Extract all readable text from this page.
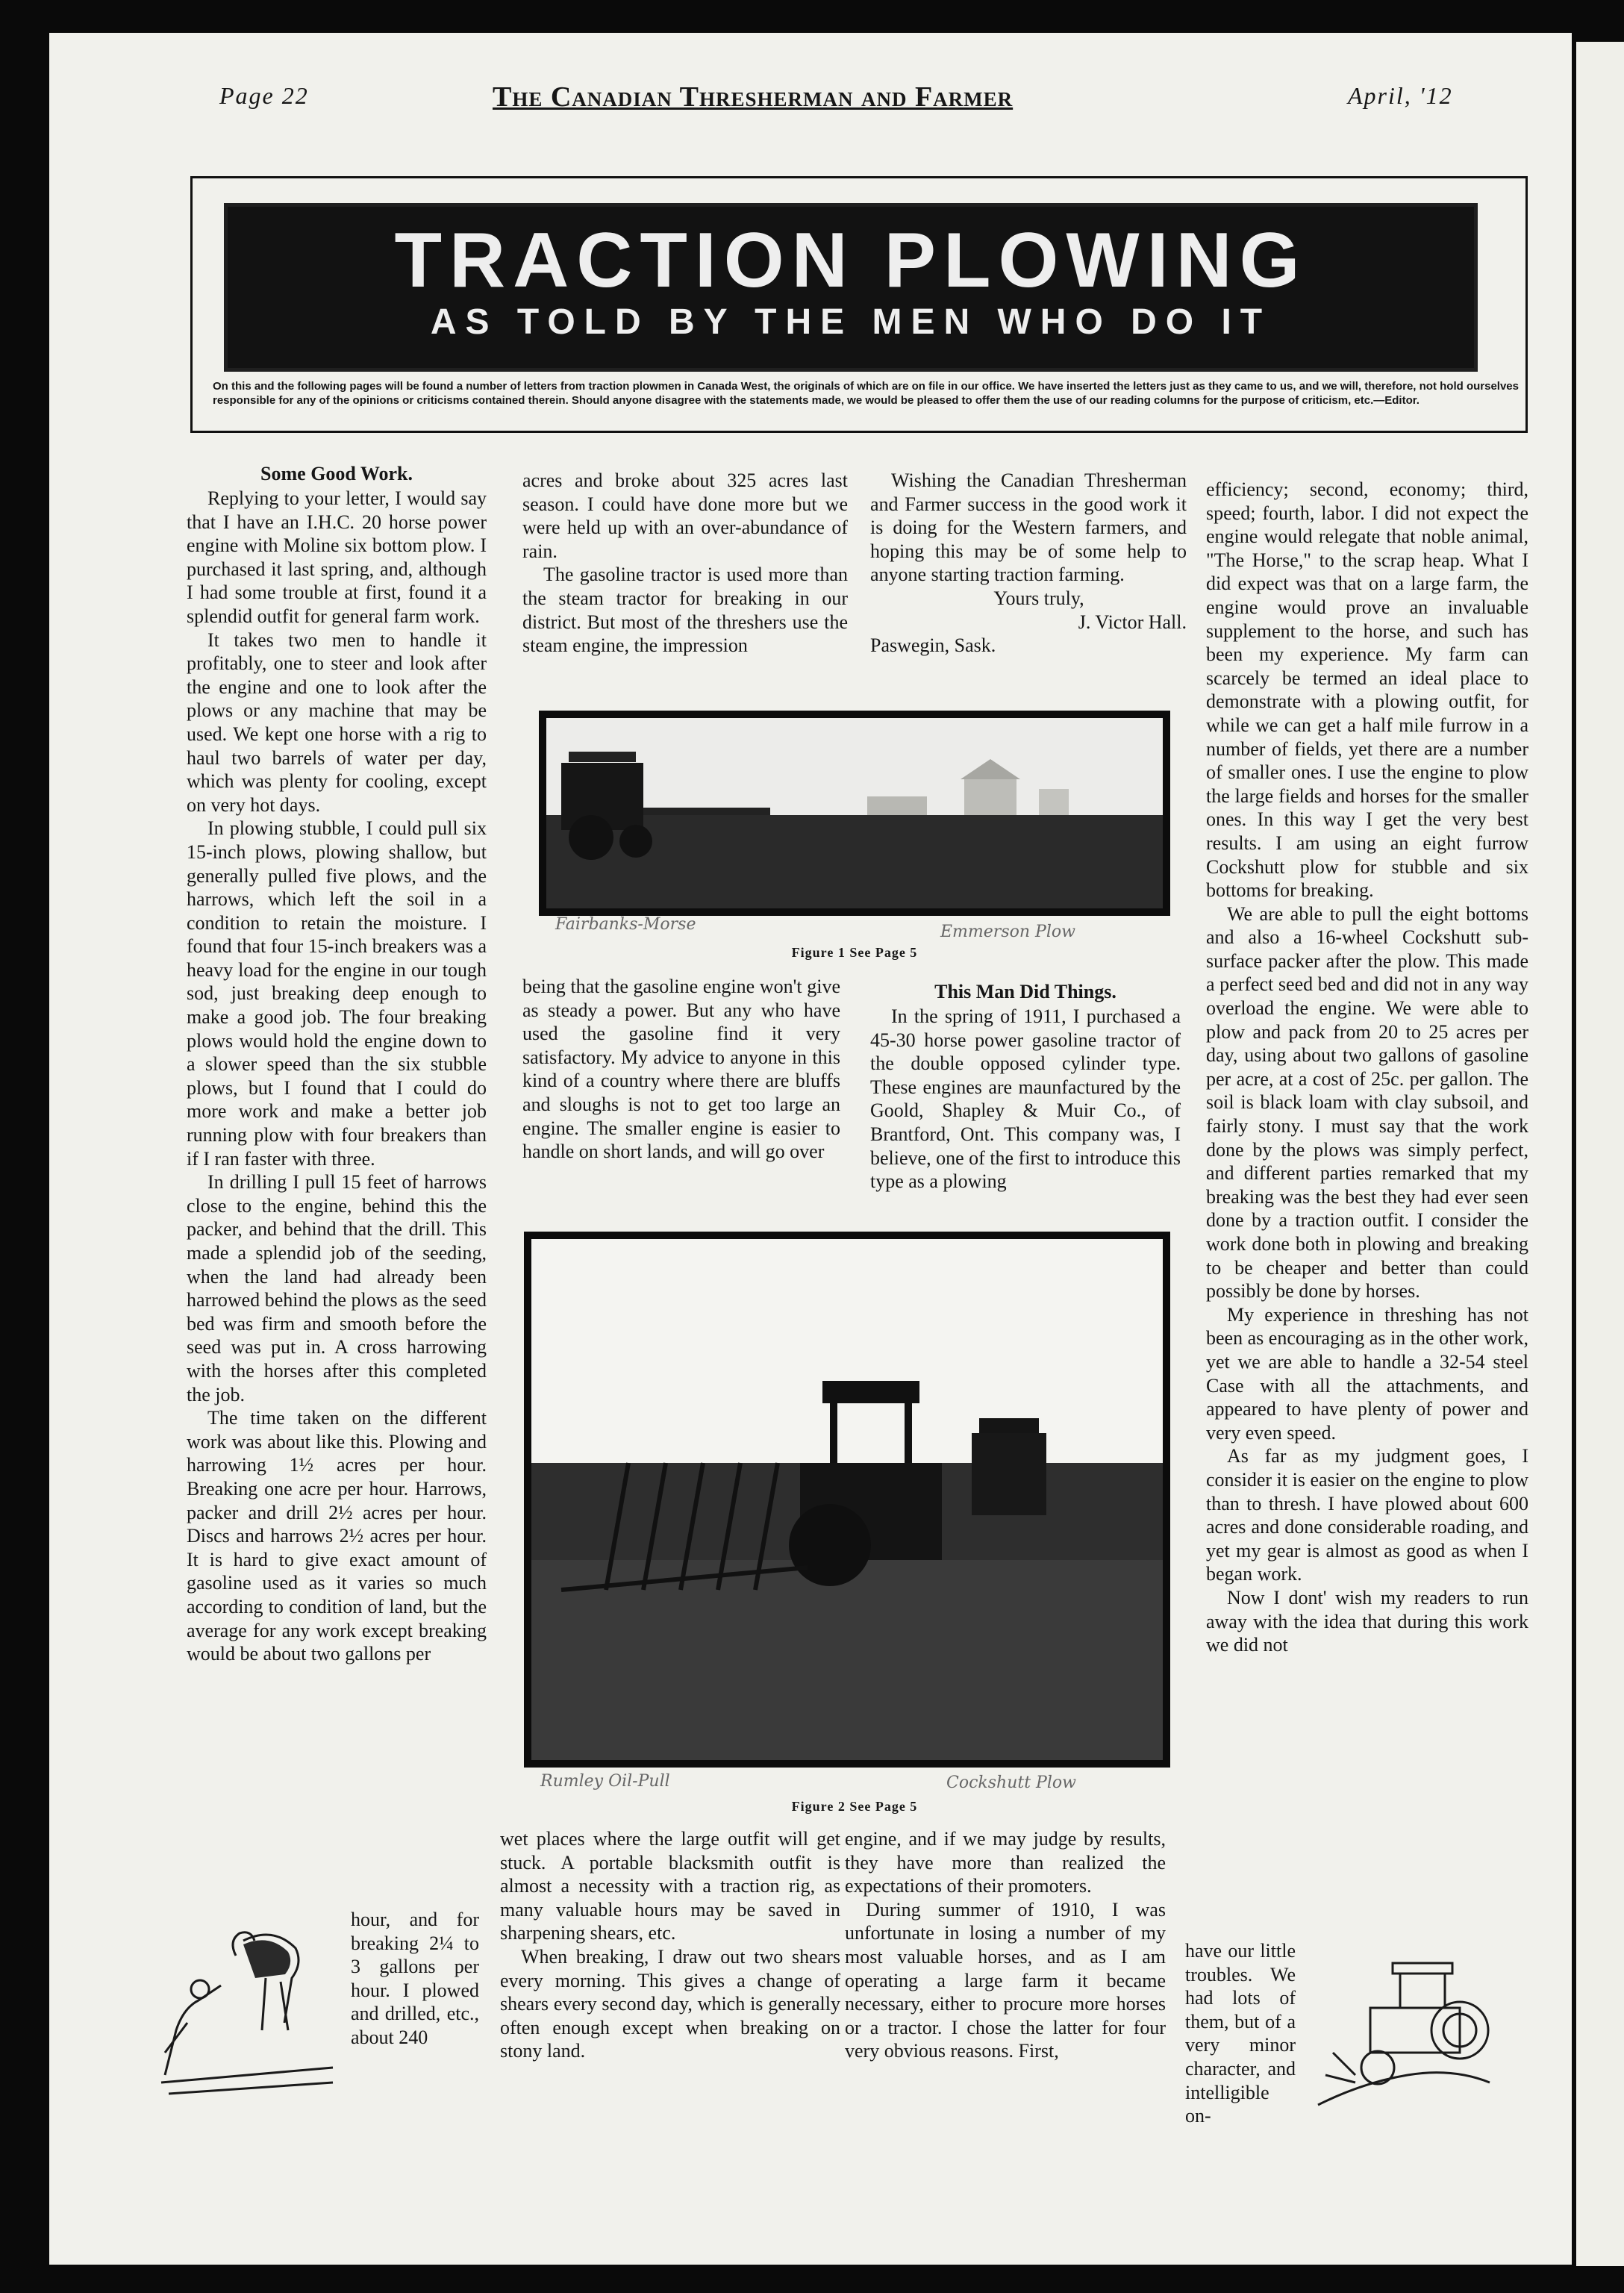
Page 22	The Canadian Thresherman and Farmer	April, '12
TRACTION PLOWING
AS TOLD BY THE MEN WHO DO IT
On this and the following pages will be found a number of letters from traction plowmen in Canada West, the originals of which are on file in our office. We have inserted the letters just as they came to us, and we will, therefore, not hold ourselves responsible for any of the opinions or criticisms contained therein. Should anyone disagree with the statements made, we would be pleased to offer them the use of our reading columns for the purpose of criticism, etc.—Editor.
Some Good Work.

Replying to your letter, I would say that I have an I.H.C. 20 horse power engine with Moline six bottom plow. I purchased it last spring, and, although I had some trouble at first, found it a splendid outfit for general farm work.

It takes two men to handle it profitably, one to steer and look after the engine and one to look after the plows or any machine that may be used. We kept one horse with a rig to haul two barrels of water per day, which was plenty for cooling, except on very hot days.

In plowing stubble, I could pull six 15-inch plows, plowing shallow, but generally pulled five plows, and the harrows, which left the soil in a condition to retain the moisture. I found that four 15-inch breakers was a heavy load for the engine in our tough sod, just breaking deep enough to make a good job. The four breaking plows would hold the engine down to a slower speed than the six stubble plows, but I found that I could do more work and make a better job running plow with four breakers than if I ran faster with three.

In drilling I pull 15 feet of harrows close to the engine, behind this the packer, and behind that the drill. This made a splendid job of the seeding, when the land had already been harrowed behind the plows as the seed bed was firm and smooth before the seed was put in. A cross harrowing with the horses after this completed the job.

The time taken on the different work was about like this. Plowing and harrowing 1½ acres per hour. Breaking one acre per hour. Harrows, packer and drill 2½ acres per hour. Discs and harrows 2½ acres per hour. It is hard to give exact amount of gasoline used as it varies so much according to condition of land, but the average for any work except breaking would be about two gallons per

hour, and for breaking 2¼ to 3 gallons per hour. I plowed and drilled, etc., about 240

acres and broke about 325 acres last season. I could have done more but we were held up with an over-abundance of rain.

The gasoline tractor is used more than the steam tractor for breaking in our district. But most of the threshers use the steam engine, the impression

Wishing the Canadian Thresherman and Farmer success in the good work it is doing for the Western farmers, and hoping this may be of some help to anyone starting traction farming.

Yours truly,

J. Victor Hall.

Paswegin, Sask.

Fairbanks-Morse	Emmerson Plow
Figure 1 See Page 5

being that the gasoline engine won't give as steady a power. But any who have used the gasoline find it very satisfactory. My advice to anyone in this kind of a country where there are bluffs and sloughs is not to get too large an engine. The smaller engine is easier to handle on short lands, and will go over

This Man Did Things.

In the spring of 1911, I purchased a 45-30 horse power gasoline tractor of the double opposed cylinder type. These engines are maunfactured by the Goold, Shapley & Muir Co., of Brantford, Ont. This company was, I believe, one of the first to introduce this type as a plowing

Rumley Oil-Pull	Cockshutt Plow
Figure 2 See Page 5

wet places where the large outfit will get stuck. A portable blacksmith outfit is almost a necessity with a traction rig, as many valuable hours may be saved in sharpening shears, etc.

When breaking, I draw out two shears every morning. This gives a change of shears every second day, which is generally often enough except when breaking on stony land.

engine, and if we may judge by results, they have more than realized the expectations of their promoters.

During summer of 1910, I was unfortunate in losing a number of my most valuable horses, and as I am operating a large farm it became necessary, either to procure more horses or a tractor. I chose the latter for four very obvious reasons. First,

efficiency; second, economy; third, speed; fourth, labor. I did not expect the engine would relegate that noble animal, "The Horse," to the scrap heap. What I did expect was that on a large farm, the engine would prove an invaluable supplement to the horse, and such has been my experience. My farm can scarcely be termed an ideal place to demonstrate with a plowing outfit, for while we can get a half mile furrow in a number of fields, yet there are a number of smaller ones. I use the engine to plow the large fields and horses for the smaller ones. In this way I get the very best results. I am using an eight furrow Cockshutt plow for stubble and six bottoms for breaking.

We are able to pull the eight bottoms and also a 16-wheel Cockshutt sub-surface packer after the plow. This made a perfect seed bed and did not in any way overload the engine. We were able to plow and pack from 20 to 25 acres per day, using about two gallons of gasoline per acre, at a cost of 25c. per gallon. The soil is black loam with clay subsoil, and fairly stony. I must say that the work done by the plows was simply perfect, and different parties remarked that my breaking was the best they had ever seen done by a traction outfit. I consider the work done both in plowing and breaking to be cheaper and better than could possibly be done by horses.

My experience in threshing has not been as encouraging as in the other work, yet we are able to handle a 32-54 steel Case with all the attachments, and appeared to have plenty of power and very even speed.

As far as my judgment goes, I consider it is easier on the engine to plow than to thresh. I have plowed about 600 acres and done considerable roading, and yet my gear is almost as good as when I began work.

Now I dont' wish my readers to run away with the idea that during this work we did not

have our little troubles. We had lots of them, but of a very minor character, and intelligible on-
